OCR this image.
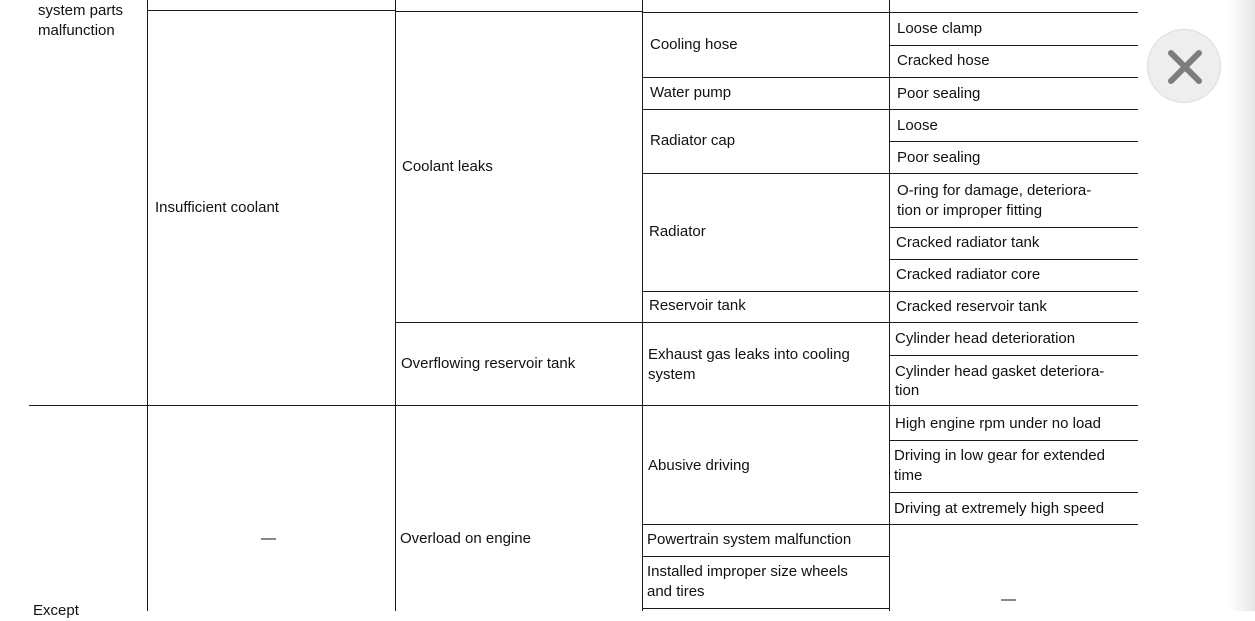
system parts
malfunction
—
Except
Insufficient coolant
Coolant leaks
Overflowing reservoir tank
Overload on engine
Cooling hose
Water pump
Radiator cap
Radiator
Reservoir tank
Exhaust gas leaks into cooling
system
Abusive driving
Powertrain system malfunction
Installed improper size wheels
and tires
Loose clamp
Cracked hose
Poor sealing
Loose
Poor sealing
O-ring for damage, deteriora-
tion or improper fitting
Cracked radiator tank
Cracked radiator core
Cracked reservoir tank
Cylinder head deterioration
Cylinder head gasket deteriora-
tion
High engine rpm under no load
Driving in low gear for extended
time
Driving at extremely high speed
—
